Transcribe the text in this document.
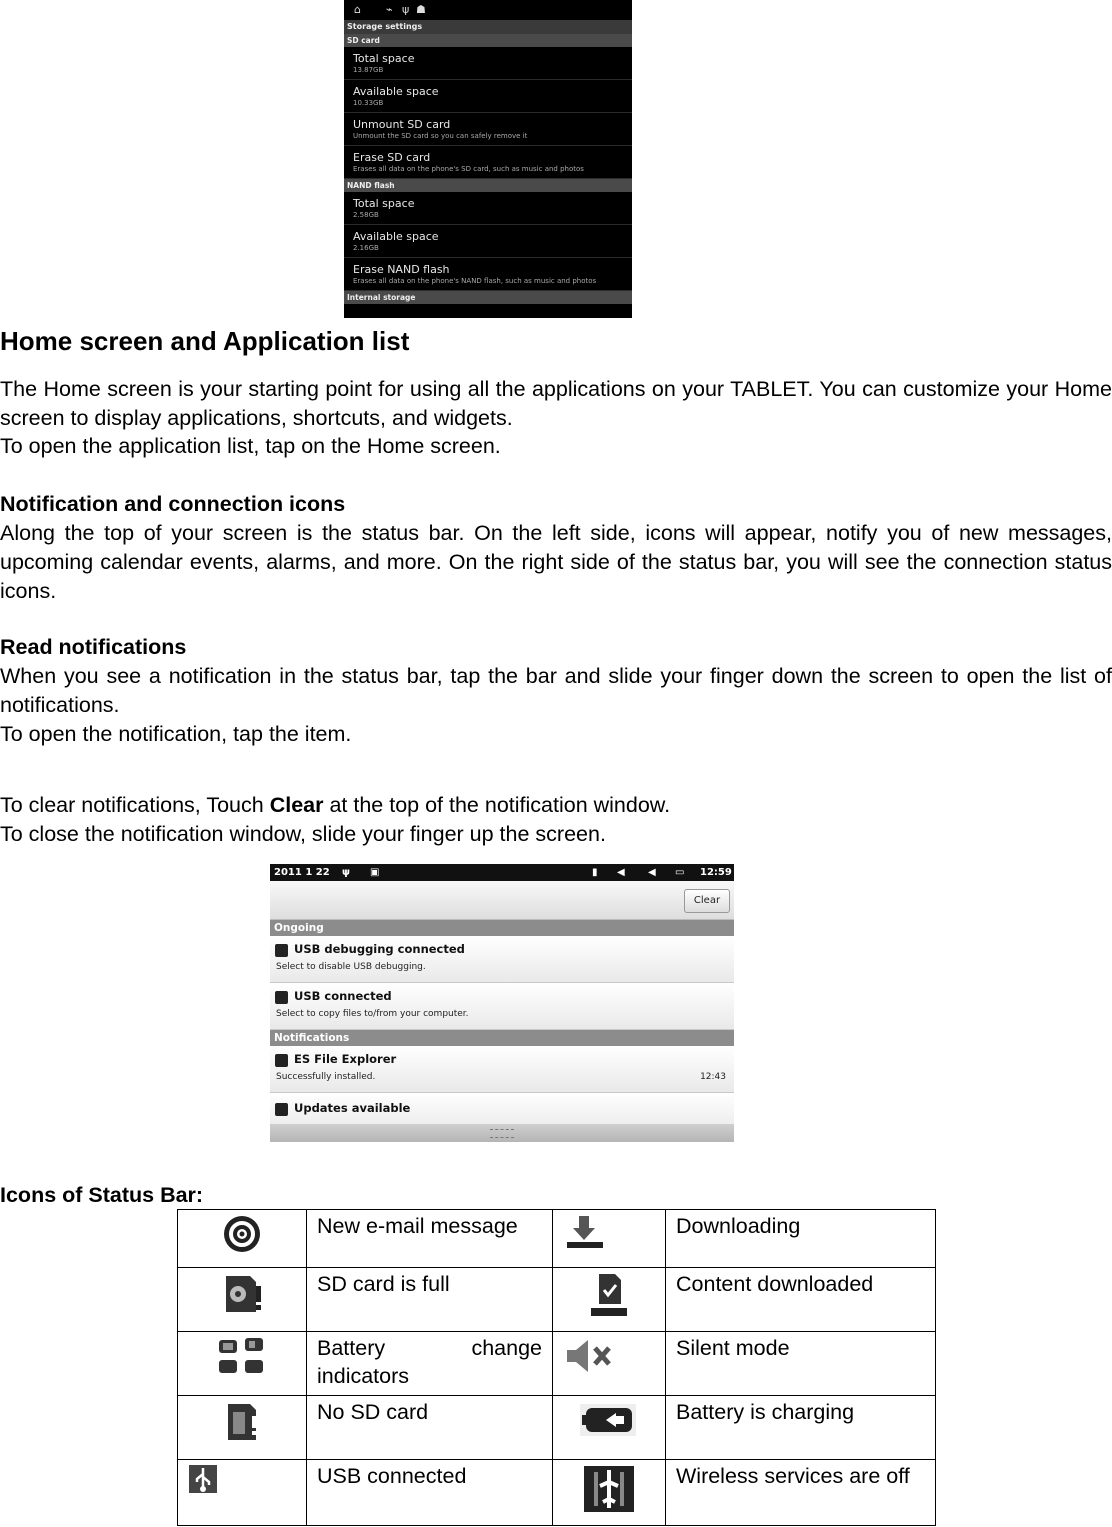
⌂ ⌁ ψ ☗
Storage settings
SD card
Total space
13.87GB
Available space
10.33GB
Unmount SD card
Unmount the SD card so you can safely remove it
Erase SD card
Erases all data on the phone's SD card, such as music and photos
NAND flash
Total space
2.58GB
Available space
2.16GB
Erase NAND flash
Erases all data on the phone's NAND flash, such as music and photos
Internal storage
Home screen and Application list
The Home screen is your starting point for using all the applications on your TABLET. You can customize your Home screen to display applications, shortcuts, and widgets.
To open the application list, tap on the Home screen.
Notification and connection icons
Along the top of your screen is the status bar. On the left side, icons will appear, notify you of new messages, upcoming calendar events, alarms, and more. On the right side of the status bar, you will see the connection status icons.
Read notifications
When you see a notification in the status bar, tap the bar and slide your finger down the screen to open the list of notifications.
To open the notification, tap the item.
To clear notifications, Touch Clear at the top of the notification window.
To close the notification window, slide your finger up the screen.
2011 1 22 ψ ▣	▮ ◀ ◀ ▭ 12:59
Clear
Ongoing
USB debugging connected
Select to disable USB debugging.
USB connected
Select to copy files to/from your computer.
Notifications
ES File Explorer
Successfully installed.	12:43
Updates available
Icons of Status Bar:
	New e-mail message		Downloading
	SD card is full		Content downloaded
	Battery change indicators		Silent mode
	No SD card		Battery is charging
	USB connected		Wireless services are off
